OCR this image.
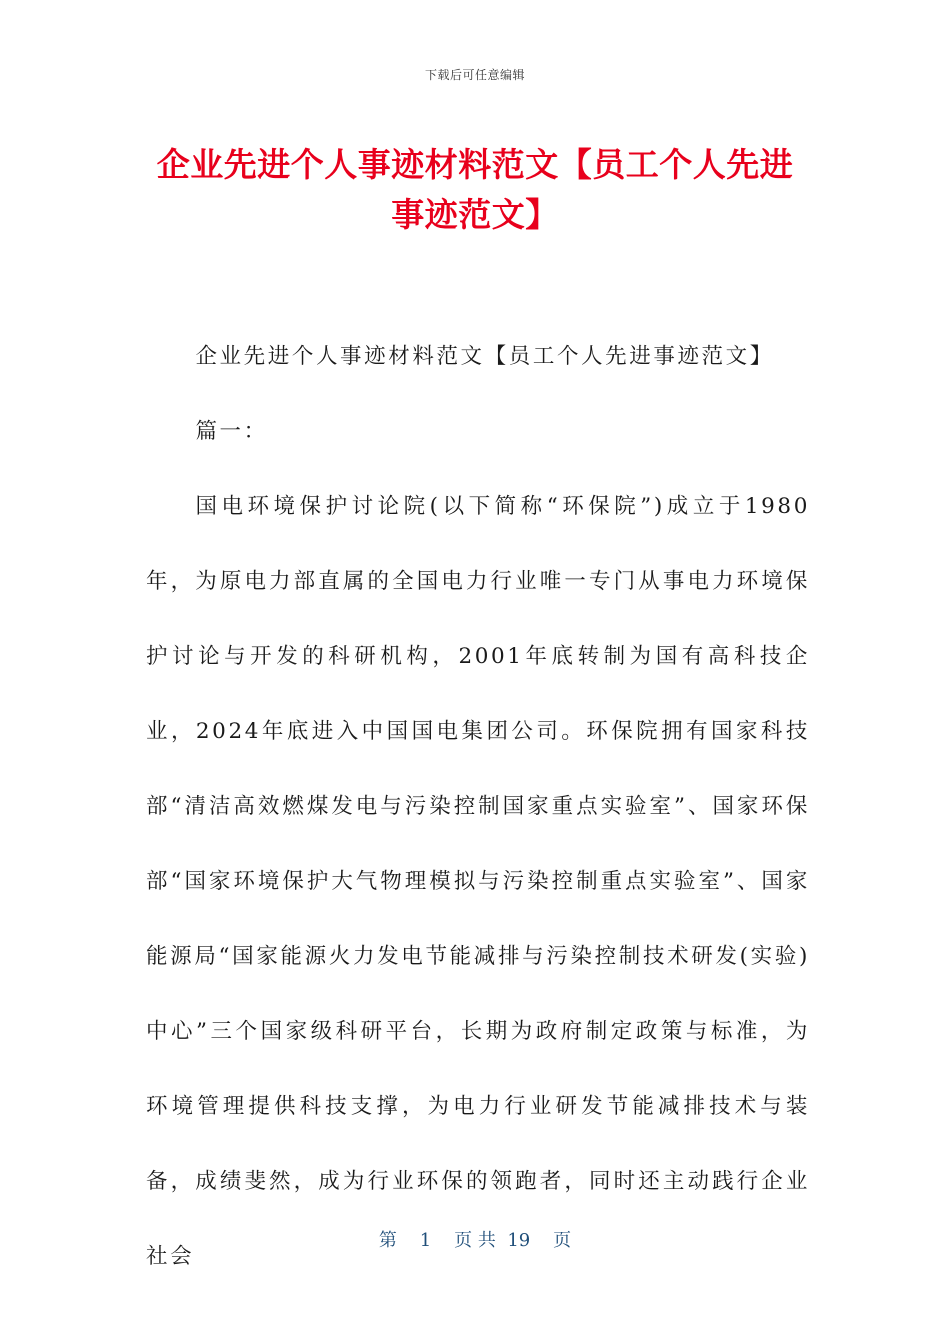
下载后可任意编辑
企业先进个人事迹材料范文【员工个人先进事迹范文】

企业先进个人事迹材料范文【员工个人先进事迹范文】

篇一：

国电环境保护讨论院(以下简称“环保院”)成立于1980年，为原电力部直属的全国电力行业唯一专门从事电力环境保护讨论与开发的科研机构，2001年底转制为国有高科技企业，2024年底进入中国国电集团公司。环保院拥有国家科技部“清洁高效燃煤发电与污染控制国家重点实验室”、国家环保部“国家环境保护大气物理模拟与污染控制重点实验室”、国家能源局“国家能源火力发电节能减排与污染控制技术研发(实验)中心”三个国家级科研平台，长期为政府制定政策与标准，为环境管理提供科技支撑，为电力行业研发节能减排技术与装备，成绩斐然，成为行业环保的领跑者，同时还主动践行企业社会

第 1 页 共 19 页
